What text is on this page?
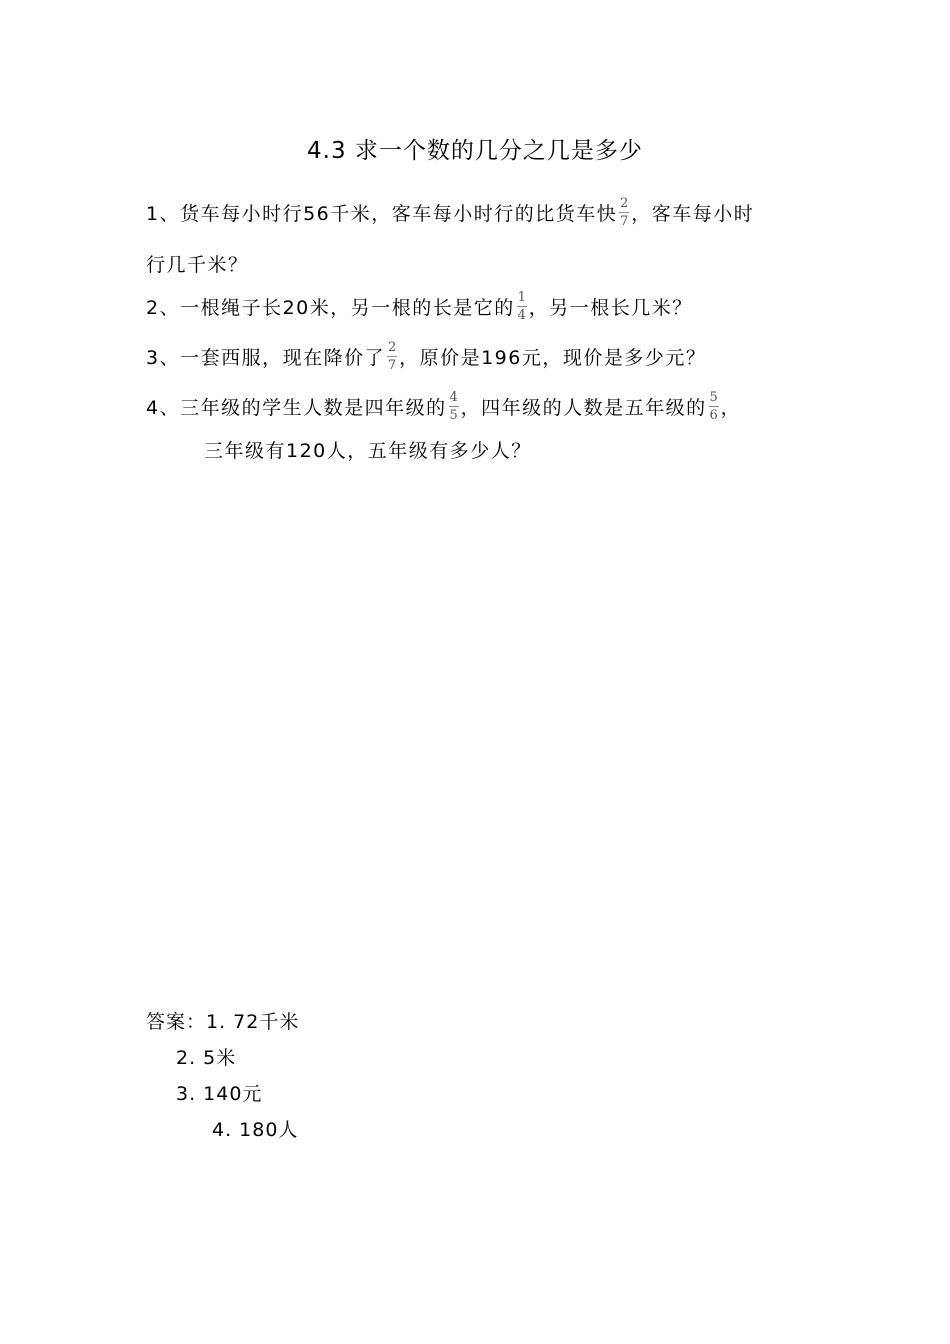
4.3 求一个数的几分之几是多少
1、货车每小时行56千米，客车每小时行的比货车快 $\frac{2}{7}$ ，客车每小时
行几千米？
2、一根绳子长20米，另一根的长是它的 $\frac{1}{4}$ ，另一根长几米？
3、一套西服，现在降价了 $\frac{2}{7}$ ，原价是196元，现价是多少元？
4、三年级的学生人数是四年级的 $\frac{4}{5}$ ，四年级的人数是五年级的 $\frac{5}{6}$ ，
三年级有120人，五年级有多少人？
答案：1. 72千米
2. 5米
3. 140元
4. 180人
